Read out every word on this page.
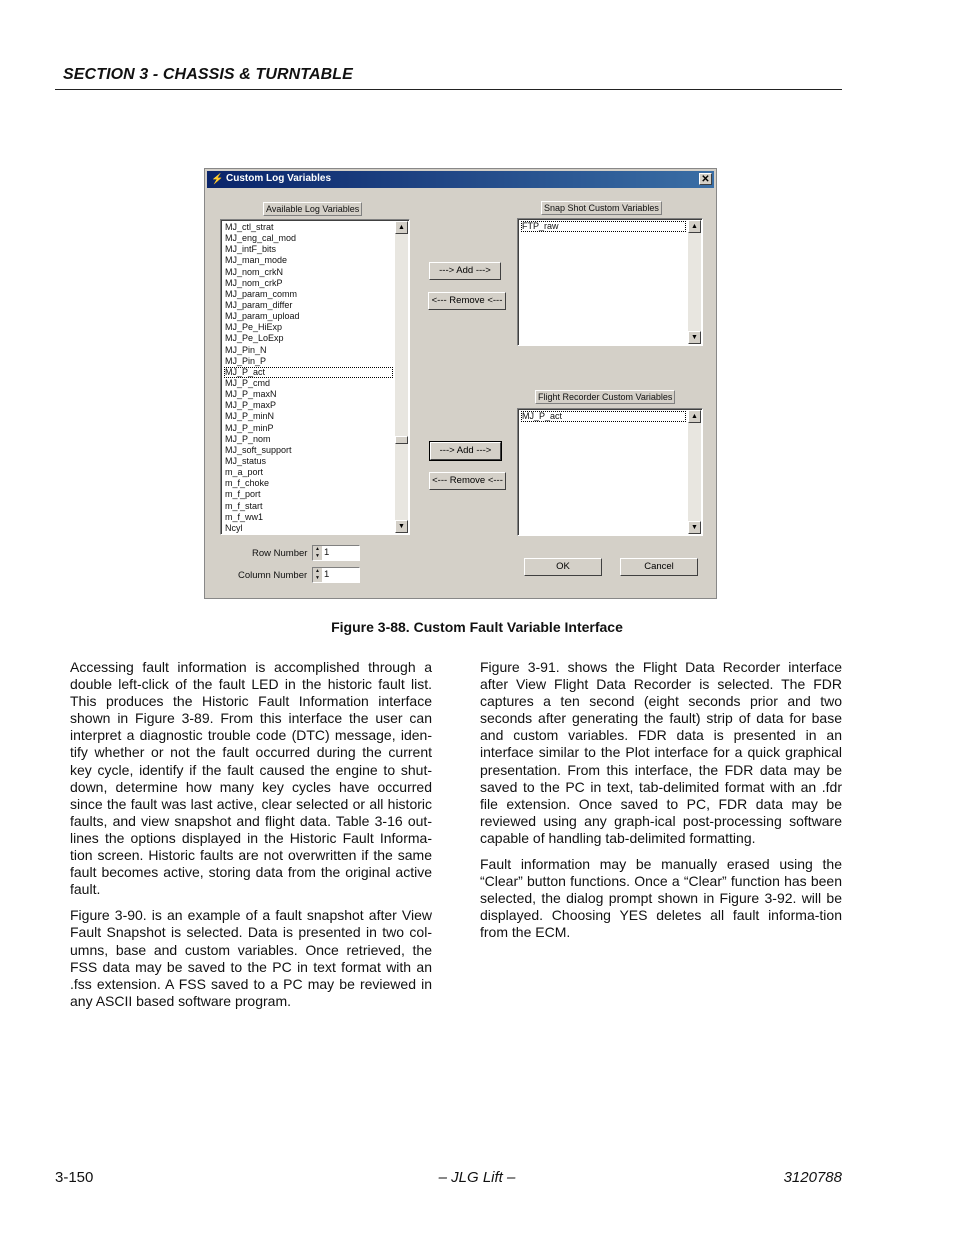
SECTION 3 - CHASSIS & TURNTABLE
⚡ Custom Log Variables	✕
Available Log Variables
MJ_ctl_strat
MJ_eng_cal_mod
MJ_intF_bits
MJ_man_mode
MJ_nom_crkN
MJ_nom_crkP
MJ_param_comm
MJ_param_differ
MJ_param_upload
MJ_Pe_HiExp
MJ_Pe_LoExp
MJ_Pin_N
MJ_Pin_P
MJ_P_act
MJ_P_cmd
MJ_P_maxN
MJ_P_maxP
MJ_P_minN
MJ_P_minP
MJ_P_nom
MJ_soft_support
MJ_status
m_a_port
m_f_choke
m_f_port
m_f_start
m_f_ww1
Ncyl
▲
▼
Snap Shot Custom Variables
FTP_raw	▲
▼
---> Add --->
<--- Remove <---
Flight Recorder Custom Variables
MJ_P_act	▲
▼
---> Add --->
<--- Remove <---
Row Number	▲
▼ 1
Column Number	▲
▼ 1
OK	Cancel
Figure 3-88. Custom Fault Variable Interface

Accessing fault information is accomplished through a double left-click of the fault LED in the historic fault list. This produces the Historic Fault Information interface shown in Figure 3-89. From this interface the user can interpret a diagnostic trouble code (DTC) message, iden-tify whether or not the fault occurred during the current key cycle, identify if the fault caused the engine to shut-down, determine how many key cycles have occurred since the fault was last active, clear selected or all historic faults, and view snapshot and flight data. Table 3-16 out-lines the options displayed in the Historic Fault Informa-tion screen. Historic faults are not overwritten if the same fault becomes active, storing data from the original active fault.

Figure 3-90. is an example of a fault snapshot after View Fault Snapshot is selected. Data is presented in two col-umns, base and custom variables. Once retrieved, the FSS data may be saved to the PC in text format with an .fss extension. A FSS saved to a PC may be reviewed in any ASCII based software program.

Figure 3-91. shows the Flight Data Recorder interface after View Flight Data Recorder is selected. The FDR captures a ten second (eight seconds prior and two seconds after generating the fault) strip of data for base and custom variables. FDR data is presented in an interface similar to the Plot interface for a quick graphical presentation. From this interface, the FDR data may be saved to the PC in text, tab-delimited format with an .fdr file extension. Once saved to PC, FDR data may be reviewed using any graph-ical post-processing software capable of handling tab-delimited formatting.

Fault information may be manually erased using the “Clear” button functions. Once a “Clear” function has been selected, the dialog prompt shown in Figure 3-92. will be displayed. Choosing YES deletes all fault informa-tion from the ECM.

3-150	– JLG Lift –	3120788
